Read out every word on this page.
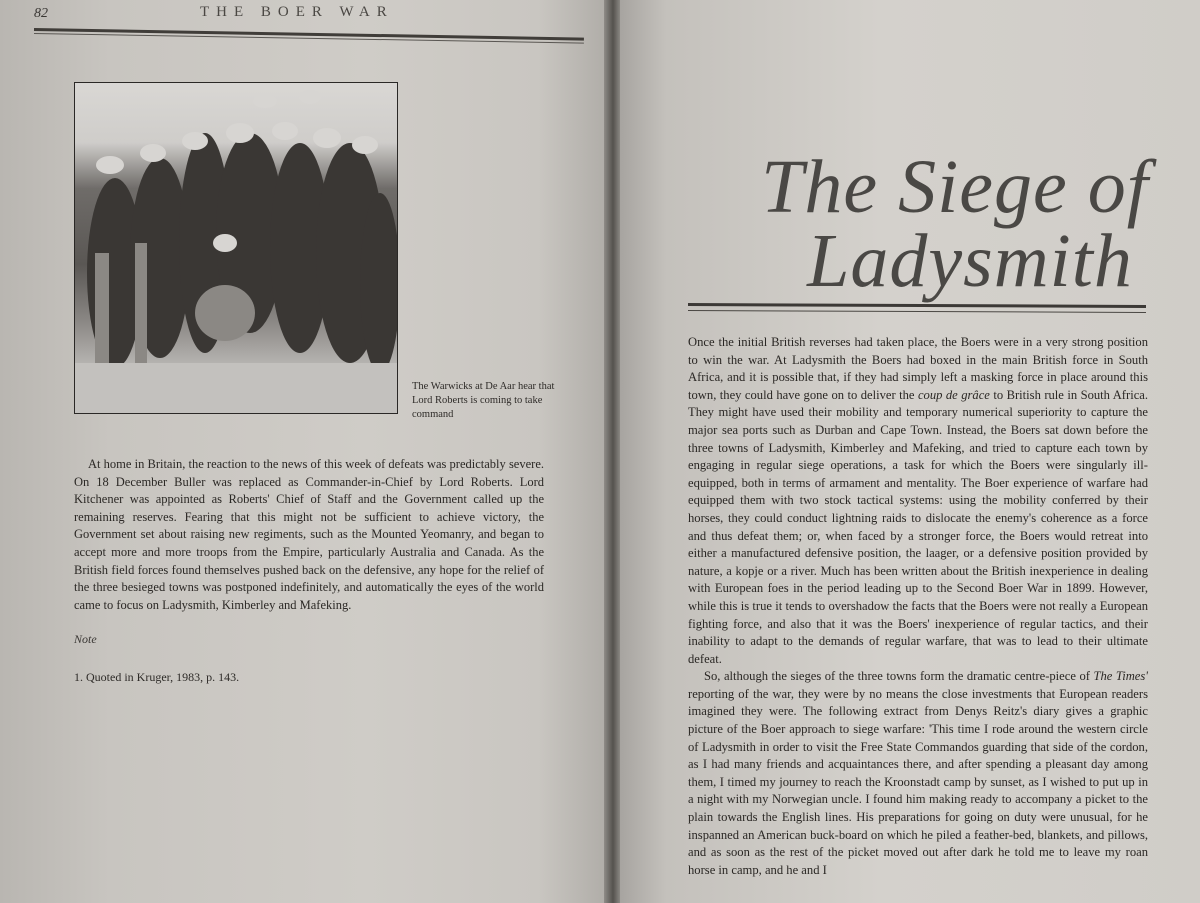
82	THE BOER WAR
The Warwicks at De Aar hear that Lord Roberts is coming to take command

At home in Britain, the reaction to the news of this week of defeats was predictably severe. On 18 December Buller was replaced as Commander-in-Chief by Lord Roberts. Lord Kitchener was appointed as Roberts' Chief of Staff and the Government called up the remaining reserves. Fearing that this might not be sufficient to achieve victory, the Government set about raising new regiments, such as the Mounted Yeomanry, and began to accept more and more troops from the Empire, particularly Australia and Canada. As the British field forces found themselves pushed back on the defensive, any hope for the relief of the three besieged towns was postponed indefinitely, and automatically the eyes of the world came to focus on Ladysmith, Kimberley and Mafeking.

Note
1. Quoted in Kruger, 1983, p. 143.
The Siege of
Ladysmith

Once the initial British reverses had taken place, the Boers were in a very strong position to win the war. At Ladysmith the Boers had boxed in the main British force in South Africa, and it is possible that, if they had simply left a masking force in place around this town, they could have gone on to deliver the coup de grâce to British rule in South Africa. They might have used their mobility and temporary numerical superiority to capture the major sea ports such as Durban and Cape Town. Instead, the Boers sat down before the three towns of Ladysmith, Kimberley and Mafeking, and tried to capture each town by engaging in regular siege operations, a task for which the Boers were singularly ill-equipped, both in terms of armament and mentality. The Boer experience of warfare had equipped them with two stock tactical systems: using the mobility conferred by their horses, they could conduct lightning raids to dislocate the enemy's coherence as a force and thus defeat them; or, when faced by a stronger force, the Boers would retreat into either a manufactured defensive position, the laager, or a defensive position provided by nature, a kopje or a river. Much has been written about the British inexperience in dealing with European foes in the period leading up to the Second Boer War in 1899. However, while this is true it tends to overshadow the facts that the Boers were not really a European fighting force, and also that it was the Boers' inexperience of regular tactics, and their inability to adapt to the demands of regular warfare, that was to lead to their ultimate defeat.

So, although the sieges of the three towns form the dramatic centre-piece of The Times' reporting of the war, they were by no means the close investments that European readers imagined they were. The following extract from Denys Reitz's diary gives a graphic picture of the Boer approach to siege warfare: 'This time I rode around the western circle of Ladysmith in order to visit the Free State Commandos guarding that side of the cordon, as I had many friends and acquaintances there, and after spending a pleasant day among them, I timed my journey to reach the Kroonstadt camp by sunset, as I wished to put up in a night with my Norwegian uncle. I found him making ready to accompany a picket to the plain towards the English lines. His preparations for going on duty were unusual, for he inspanned an American buck-board on which he piled a feather-bed, blankets, and pillows, and as soon as the rest of the picket moved out after dark he told me to leave my roan horse in camp, and he and I
